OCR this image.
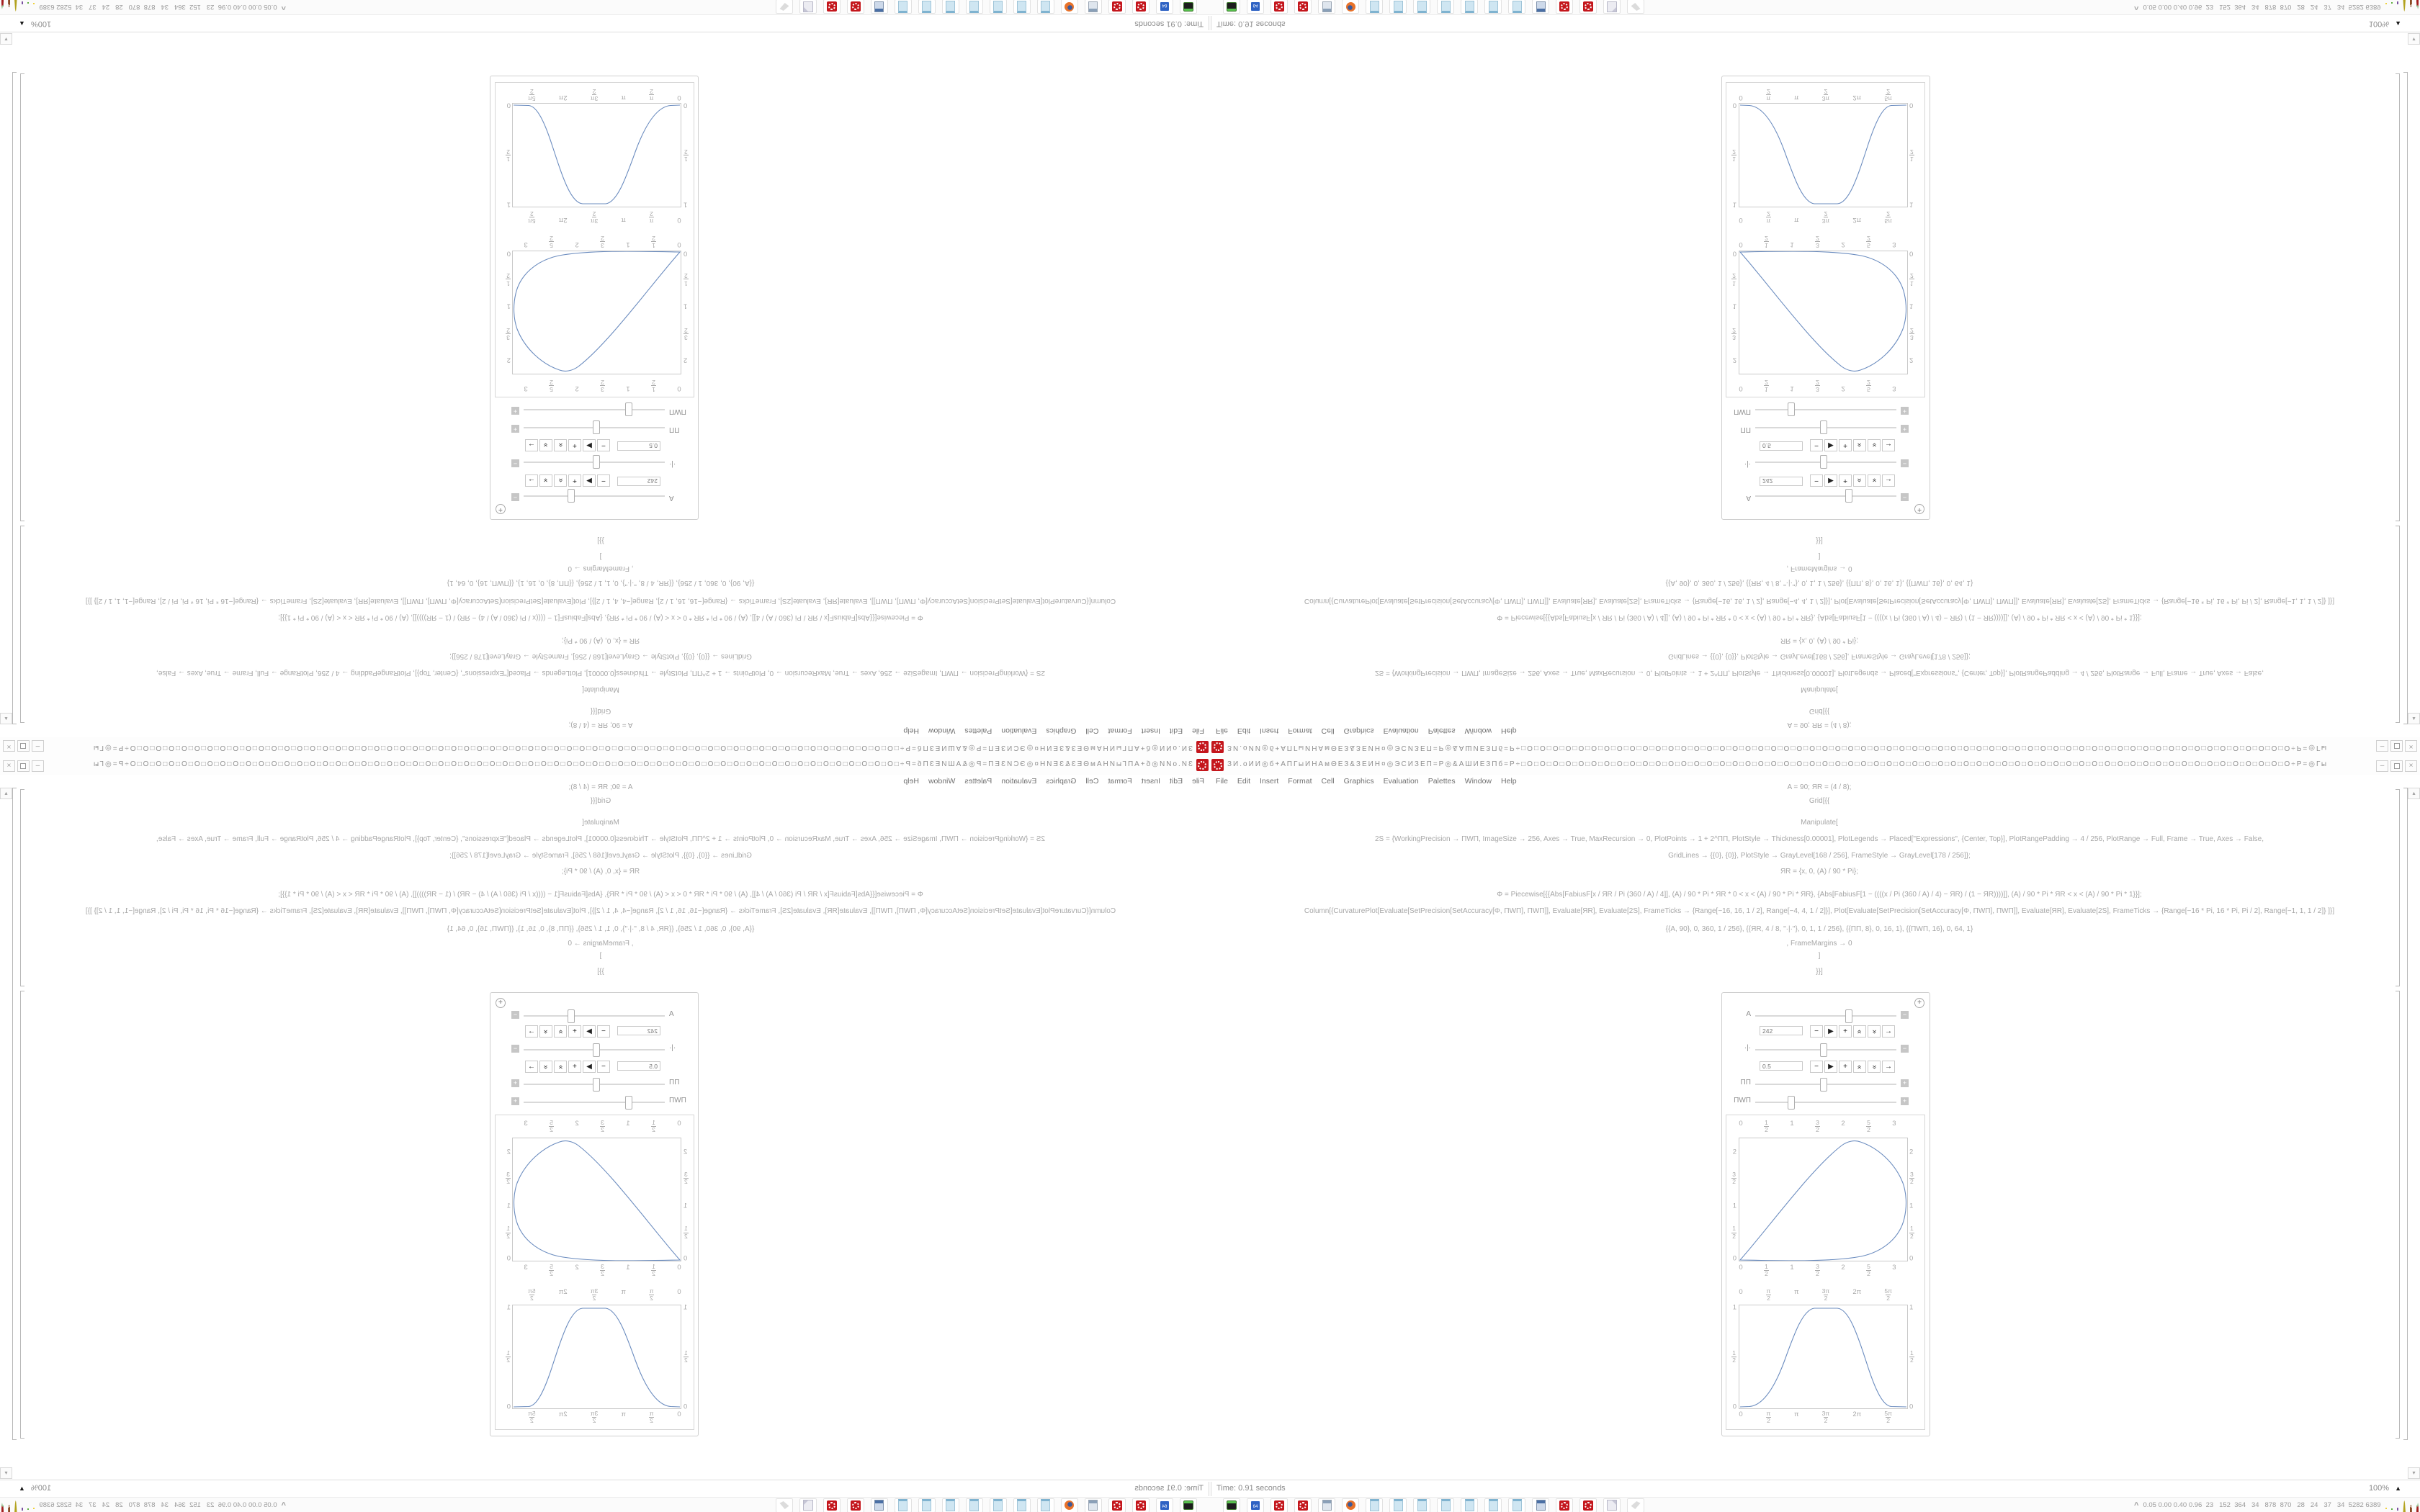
A = 90; ЯR = (4 / 8);
Grid[{{
Manipulate[
2S = {WorkingPrecision → ΠWΠ, ImageSize → 256, Axes → True, MaxRecursion → 0, PlotPoints → 1 + 2^ΠΠ, PlotStyle → Thickness[0.00001], PlotLegends → Placed["Expressions", {Center, Top}], PlotRangePadding → 4 / 256, PlotRange → Full, Frame → True, Axes → False,
GridLines → {{0}, {0}}, PlotStyle → GrayLevel[168 / 256], FrameStyle → GrayLevel[178 / 256]};
ЯR = {x, 0, (A) / 90 * Pi};
Φ = Piecewise[{{Abs[FabiusF[x / ЯR / Pi (360 / A) / 4]], (A) / 90 * Pi * ЯR * 0 < x < (A) / 90 * Pi * ЯR}, {Abs[FabiusF[1 − ((((x / Pi (360 / A) / 4) − ЯR) / (1 − ЯR))))]], (A) / 90 * Pi * ЯR < x < (A) / 90 * Pi * 1}}];
Column[{CurvaturePlot[Evaluate[SetPrecision[SetAccuracy[Φ, ΠWΠ], ΠWΠ]], Evaluate[ЯR], Evaluate[2S], FrameTicks → {Range[−16, 16, 1 / 2], Range[−4, 4, 1 / 2]}], Plot[Evaluate[SetPrecision[SetAccuracy[Φ, ΠWΠ], ΠWΠ]], Evaluate[ЯR], Evaluate[2S], FrameTicks → {Range[−16 * Pi, 16 * Pi, Pi / 2], Range[−1, 1, 1 / 2]} ]}]
{{A, 90}, 0, 360, 1 / 256}, {{ЯR, 4 / 8, "·|·"}, 0, 1, 1 / 256}, {{ΠΠ, 8}, 0, 16, 1}, {{ΠWΠ, 16}, 0, 64, 1}
, FrameMargins → 0
]
}}]
▴
▾
+
A
−
242
−
▶
+
»
»
→
·|·
−
0.5
−
▶
+
»
»
→
ΠΠ
+
ΠWΠ
+
0
1
2
1
3
2
2
5
2
3
2
3
2
1
1
2
0
2
3
2
1
1
2
0
0
1
2
1
3
2
2
5
2
3
0
π
2
π
3π
2
2π
5π
2
1
1
2
0
1
1
2
0
0
π
2
π
3π
2
2π
5π
2
ЗИ.оИИ◎б+АПГыИНАмΘЕЗ&ЗЕИН¤◎ЭСИЗЕП=Р◎&АШИЕЗПб=Р÷□О□О□О□О□О□О□О□О□О□О□О□О□О□О□О□О□О□О□О□О□О□О□О□О□О□О□О□О□О□О□О□О□О□О□О□О□О□О□О□О□О□О□О□О□О□О□О□О□О□О□О□О□О□О□О□О□О□О□О□О÷Р=◎Гы
–
×
File
Edit
Insert
Format
Cell
Graphics
Evaluation
Palettes
Window
Help
Time: 0.91 seconds
100%
▲
64
^
0.05 0.00 0.40 0.96  23   152  364   34   878  870   28   24   37   34  5282 6389
A = 90; ЯR = (4 / 8);
Grid[{{
Manipulate[
2S = {WorkingPrecision → ΠWΠ, ImageSize → 256, Axes → True, MaxRecursion → 0, PlotPoints → 1 + 2^ΠΠ, PlotStyle → Thickness[0.00001], PlotLegends → Placed["Expressions", {Center, Top}], PlotRangePadding → 4 / 256, PlotRange → Full, Frame → True, Axes → False,
GridLines → {{0}, {0}}, PlotStyle → GrayLevel[168 / 256], FrameStyle → GrayLevel[178 / 256]};
ЯR = {x, 0, (A) / 90 * Pi};
Φ = Piecewise[{{Abs[FabiusF[x / ЯR / Pi (360 / A) / 4]], (A) / 90 * Pi * ЯR * 0 < x < (A) / 90 * Pi * ЯR}, {Abs[FabiusF[1 − ((((x / Pi (360 / A) / 4) − ЯR) / (1 − ЯR))))]], (A) / 90 * Pi * ЯR < x < (A) / 90 * Pi * 1}}];
Column[{CurvaturePlot[Evaluate[SetPrecision[SetAccuracy[Φ, ΠWΠ], ΠWΠ]], Evaluate[ЯR], Evaluate[2S], FrameTicks → {Range[−16, 16, 1 / 2], Range[−4, 4, 1 / 2]}], Plot[Evaluate[SetPrecision[SetAccuracy[Φ, ΠWΠ], ΠWΠ]], Evaluate[ЯR], Evaluate[2S], FrameTicks → {Range[−16 * Pi, 16 * Pi, Pi / 2], Range[−1, 1, 1 / 2]} ]}]
{{A, 90}, 0, 360, 1 / 256}, {{ЯR, 4 / 8, "·|·"}, 0, 1, 1 / 256}, {{ΠΠ, 8}, 0, 16, 1}, {{ΠWΠ, 16}, 0, 64, 1}
, FrameMargins → 0
]
}}]
▴
▾
+
A	−
242	− ▶ + » » →
·|·	−
0.5	− ▶ + » » →
ΠΠ	+
ΠWΠ	+
0	1
2
1	3
2
2	5
2
3
2
3
2
1
1
2
0
2
3
2
1
1
2
0
0	1
2
1	3
2
2	5
2
3
0	π
2
π	3π
2
2π	5π
2
1
1
2
0
1
1
2
0
0	π
2
π	3π
2
2π	5π
2
ЗИ.оИИ◎б+АПГыИНАмΘЕЗ&ЗЕИН¤◎ЭСИЗЕП=Р◎&АШИЕЗПб=Р÷□О□О□О□О□О□О□О□О□О□О□О□О□О□О□О□О□О□О□О□О□О□О□О□О□О□О□О□О□О□О□О□О□О□О□О□О□О□О□О□О□О□О□О□О□О□О□О□О□О□О□О□О□О□О□О□О□О□О□О□О÷Р=◎Гы	–	×
File Edit Insert Format Cell Graphics Evaluation Palettes Window Help
Time: 0.91 seconds	100% ▲
64
^ 0.05 0.00 0.40 0.96  23   152  364   34   878  870   28   24   37   34  5282 6389
A = 90; ЯR = (4 / 8);
Grid[{{
Manipulate[
2S = {WorkingPrecision → ΠWΠ, ImageSize → 256, Axes → True, MaxRecursion → 0, PlotPoints → 1 + 2^ΠΠ, PlotStyle → Thickness[0.00001], PlotLegends → Placed["Expressions", {Center, Top}], PlotRangePadding → 4 / 256, PlotRange → Full, Frame → True, Axes → False,
GridLines → {{0}, {0}}, PlotStyle → GrayLevel[168 / 256], FrameStyle → GrayLevel[178 / 256]};
ЯR = {x, 0, (A) / 90 * Pi};
Φ = Piecewise[{{Abs[FabiusF[x / ЯR / Pi (360 / A) / 4]], (A) / 90 * Pi * ЯR * 0 < x < (A) / 90 * Pi * ЯR}, {Abs[FabiusF[1 − ((((x / Pi (360 / A) / 4) − ЯR) / (1 − ЯR))))]], (A) / 90 * Pi * ЯR < x < (A) / 90 * Pi * 1}}];
Column[{CurvaturePlot[Evaluate[SetPrecision[SetAccuracy[Φ, ΠWΠ], ΠWΠ]], Evaluate[ЯR], Evaluate[2S], FrameTicks → {Range[−16, 16, 1 / 2], Range[−4, 4, 1 / 2]}], Plot[Evaluate[SetPrecision[SetAccuracy[Φ, ΠWΠ], ΠWΠ]], Evaluate[ЯR], Evaluate[2S], FrameTicks → {Range[−16 * Pi, 16 * Pi, Pi / 2], Range[−1, 1, 1 / 2]} ]}]
{{A, 90}, 0, 360, 1 / 256}, {{ЯR, 4 / 8, "·|·"}, 0, 1, 1 / 256}, {{ΠΠ, 8}, 0, 16, 1}, {{ΠWΠ, 16}, 0, 64, 1}
, FrameMargins → 0
]
}}]
▴
▾
+
A
−
242
−
▶
+
»
»
→
·|·
−
0.5
−
▶
+
»
»
→
ΠΠ
+
ΠWΠ
+
0
$\frac{1}{2}$
1
$\frac{3}{2}$
2
$\frac{5}{2}$
3
2
$\frac{3}{2}$
1
$\frac{1}{2}$
0
2
$\frac{3}{2}$
1
$\frac{1}{2}$
0
0
$\frac{1}{2}$
1
$\frac{3}{2}$
2
$\frac{5}{2}$
3
0
$\frac{\pi}{2}$
π
$\frac{3\pi}{2}$
2π
$\frac{5\pi}{2}$
1
$\frac{1}{2}$
0
1
$\frac{1}{2}$
0
0
$\frac{\pi}{2}$
π
$\frac{3\pi}{2}$
2π
$\frac{5\pi}{2}$
ЗИ.оИИ◎б+АПГыИНАмΘЕЗ&ЗЕИН¤◎ЭСИЗЕП=Р◎&АШИЕЗПб=Р÷□О□О□О□О□О□О□О□О□О□О□О□О□О□О□О□О□О□О□О□О□О□О□О□О□О□О□О□О□О□О□О□О□О□О□О□О□О□О□О□О□О□О□О□О□О□О□О□О□О□О□О□О□О□О□О□О□О□О□О□О÷Р=◎Гы
–
×
File
Edit
Insert
Format
Cell
Graphics
Evaluation
Palettes
Window
Help
Time: 0.91 seconds
100%
▲
64
^
0.05 0.00 0.40 0.96  23   152  364   34   878  870   28   24   37   34  5282 6389
A = 90; ЯR = (4 / 8);
Grid[{{
Manipulate[
2S = {WorkingPrecision → ΠWΠ, ImageSize → 256, Axes → True, MaxRecursion → 0, PlotPoints → 1 + 2^ΠΠ, PlotStyle → Thickness[0.00001], PlotLegends → Placed["Expressions", {Center, Top}], PlotRangePadding → 4 / 256, PlotRange → Full, Frame → True, Axes → False,
GridLines → {{0}, {0}}, PlotStyle → GrayLevel[168 / 256], FrameStyle → GrayLevel[178 / 256]};
ЯR = {x, 0, (A) / 90 * Pi};
Φ = Piecewise[{{Abs[FabiusF[x / ЯR / Pi (360 / A) / 4]], (A) / 90 * Pi * ЯR * 0 < x < (A) / 90 * Pi * ЯR}, {Abs[FabiusF[1 − ((((x / Pi (360 / A) / 4) − ЯR) / (1 − ЯR))))]], (A) / 90 * Pi * ЯR < x < (A) / 90 * Pi * 1}}];
Column[{CurvaturePlot[Evaluate[SetPrecision[SetAccuracy[Φ, ΠWΠ], ΠWΠ]], Evaluate[ЯR], Evaluate[2S], FrameTicks → {Range[−16, 16, 1 / 2], Range[−4, 4, 1 / 2]}], Plot[Evaluate[SetPrecision[SetAccuracy[Φ, ΠWΠ], ΠWΠ]], Evaluate[ЯR], Evaluate[2S], FrameTicks → {Range[−16 * Pi, 16 * Pi, Pi / 2], Range[−1, 1, 1 / 2]} ]}]
{{A, 90}, 0, 360, 1 / 256}, {{ЯR, 4 / 8, "·|·"}, 0, 1, 1 / 256}, {{ΠΠ, 8}, 0, 16, 1}, {{ΠWΠ, 16}, 0, 64, 1}
, FrameMargins → 0
]
}}]
▴
▾
+
A	−
242	− ▶ + » » →
·|·	−
0.5	− ▶ + » » →
ΠΠ	+
ΠWΠ	+
0	$\frac{1}{2}$	1	$\frac{3}{2}$	2	$\frac{5}{2}$	3
2
$\frac{3}{2}$
1
$\frac{1}{2}$
0
2
$\frac{3}{2}$
1
$\frac{1}{2}$
0
0	$\frac{1}{2}$	1	$\frac{3}{2}$	2	$\frac{5}{2}$	3
0	$\frac{\pi}{2}$	π	$\frac{3\pi}{2}$	2π	$\frac{5\pi}{2}$
1
$\frac{1}{2}$
0
1
$\frac{1}{2}$
0
0	$\frac{\pi}{2}$	π	$\frac{3\pi}{2}$	2π	$\frac{5\pi}{2}$
ЗИ.оИИ◎б+АПГыИНАмΘЕЗ&ЗЕИН¤◎ЭСИЗЕП=Р◎&АШИЕЗПб=Р÷□О□О□О□О□О□О□О□О□О□О□О□О□О□О□О□О□О□О□О□О□О□О□О□О□О□О□О□О□О□О□О□О□О□О□О□О□О□О□О□О□О□О□О□О□О□О□О□О□О□О□О□О□О□О□О□О□О□О□О□О÷Р=◎Гы	–	×
File Edit Insert Format Cell Graphics Evaluation Palettes Window Help
Time: 0.91 seconds	100% ▲
64
^ 0.05 0.00 0.40 0.96  23   152  364   34   878  870   28   24   37   34  5282 6389
